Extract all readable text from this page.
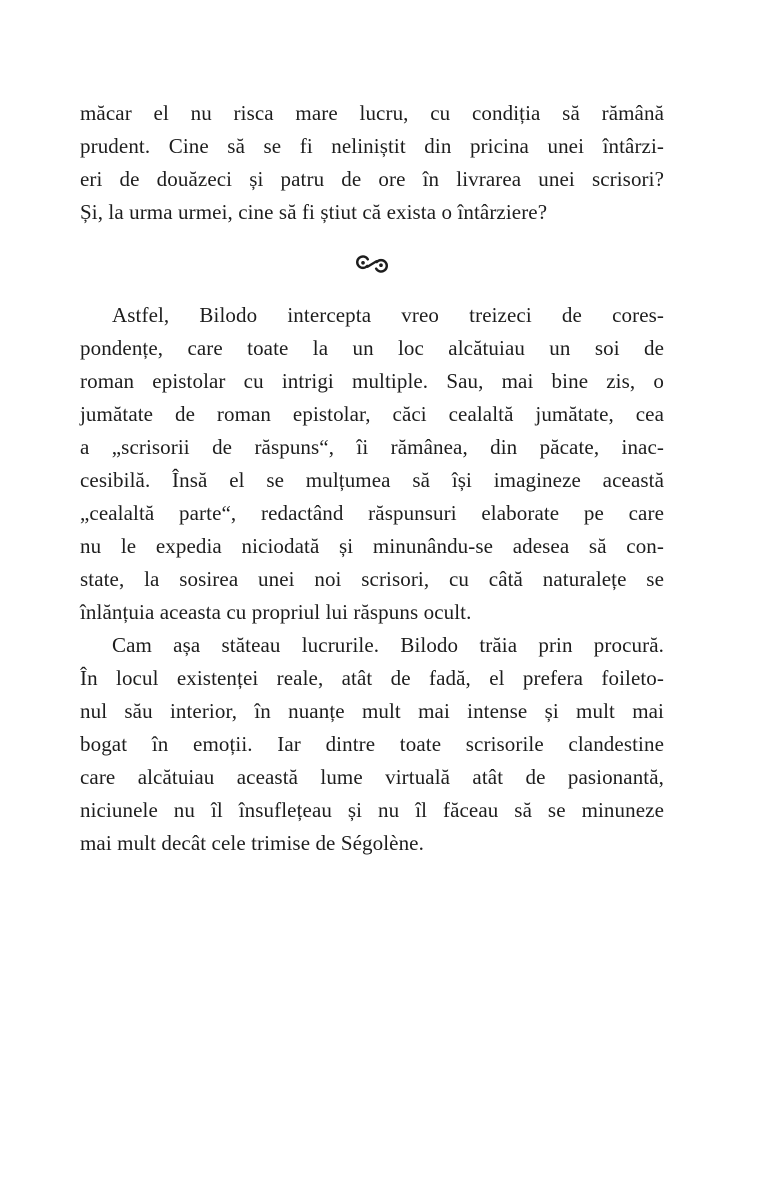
măcar el nu risca mare lucru, cu condiția să rămână
prudent. Cine să se fi neliniștit din pricina unei întârzi-
eri de douăzeci și patru de ore în livrarea unei scrisori?
Și, la urma urmei, cine să fi știut că exista o întârziere?
Astfel, Bilodo intercepta vreo treizeci de cores-
pondențe, care toate la un loc alcătuiau un soi de
roman epistolar cu intrigi multiple. Sau, mai bine zis, o
jumătate de roman epistolar, căci cealaltă jumătate, cea
a „scrisorii de răspuns“, îi rămânea, din păcate, inac-
cesibilă. Însă el se mulțumea să își imagineze această
„cealaltă parte“, redactând răspunsuri elaborate pe care
nu le expedia niciodată și minunându-se adesea să con-
state, la sosirea unei noi scrisori, cu câtă naturalețe se
înlănțuia aceasta cu propriul lui răspuns ocult.
Cam așa stăteau lucrurile. Bilodo trăia prin procură.
În locul existenței reale, atât de fadă, el prefera foileto-
nul său interior, în nuanțe mult mai intense și mult mai
bogat în emoții. Iar dintre toate scrisorile clandestine
care alcătuiau această lume virtuală atât de pasionantă,
niciunele nu îl însuflețeau și nu îl făceau să se minuneze
mai mult decât cele trimise de Ségolène.
